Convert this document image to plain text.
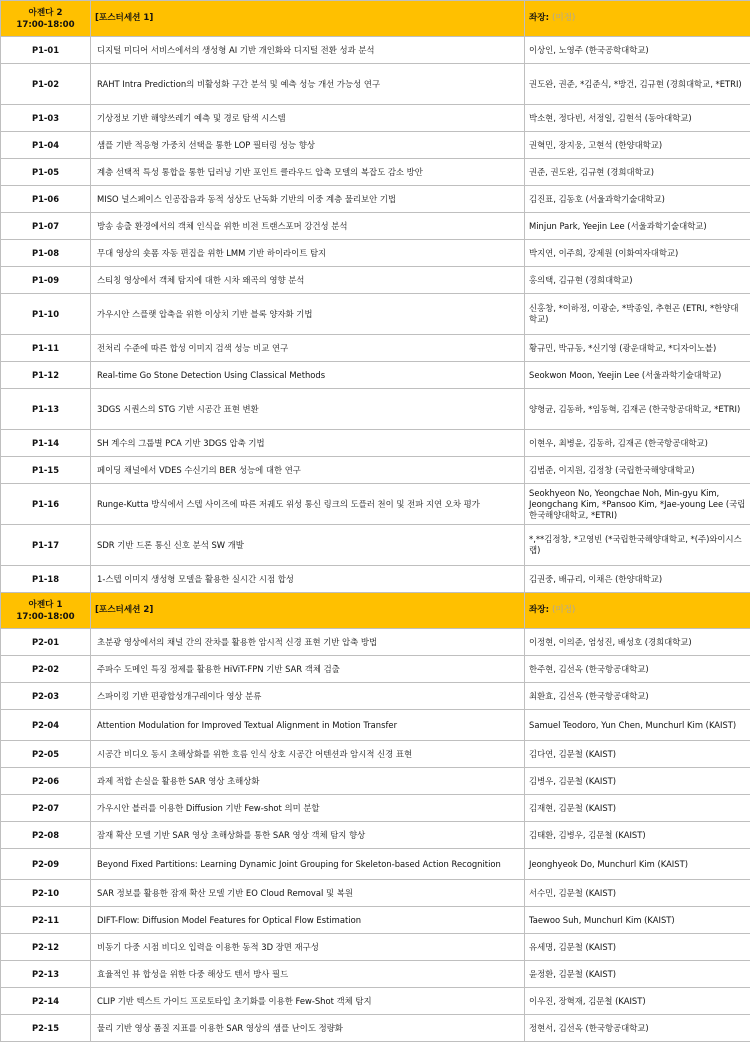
아젠다 2
17:00-18:00	[포스터세션 1]	좌장: (미정)
P1-01	디지털 미디어 서비스에서의 생성형 AI 기반 개인화와 디지털 전환 성과 분석	이상인, 노영주 (한국공학대학교)
P1-02	RAHT Intra Prediction의 비활성화 구간 분석 및 예측 성능 개선 가능성 연구	권도완, 권준, *김준식, *방건, 김규현 (경희대학교, *ETRI)
P1-03	기상정보 기반 해양쓰레기 예측 및 경로 탐색 시스템	박소현, 정다빈, 서정일, 김현석 (동아대학교)
P1-04	샘플 기반 적응형 가중치 선택을 통한 LOP 필터링 성능 향상	권혁민, 장지웅, 고현석 (한양대학교)
P1-05	계층 선택적 특성 통합을 통한 딥러닝 기반 포인트 클라우드 압축 모델의 복잡도 감소 방안	권준, 권도완, 김규현 (경희대학교)
P1-06	MISO 널스페이스 인공잡음과 동적 성상도 난독화 기반의 이중 계층 물리보안 기법	김진표, 김동호 (서울과학기술대학교)
P1-07	방송 송출 환경에서의 객체 인식을 위한 비전 트랜스포머 강건성 분석	Minjun Park, Yeejin Lee (서울과학기술대학교)
P1-08	무대 영상의 숏폼 자동 편집을 위한 LMM 기반 하이라이트 탐지	박지연, 이주희, 강제원 (이화여자대학교)
P1-09	스티칭 영상에서 객체 탐지에 대한 시차 왜곡의 영향 분석	홍의택, 김규현 (경희대학교)
P1-10	가우시안 스플랫 압축을 위한 이상치 기반 블록 양자화 기법	신홍창, *이하정, 이광순, *박종일, 추현곤 (ETRI, *한양대학교)
P1-11	전처리 수준에 따른 합성 이미지 검색 성능 비교 연구	황규민, 박규동, *신기영 (광운대학교, *디자이노블)
P1-12	Real-time Go Stone Detection Using Classical Methods	Seokwon Moon, Yeejin Lee (서울과학기술대학교)
P1-13	3DGS 시퀀스의 STG 기반 시공간 표현 변환	양형균, 김동하, *임동혁, 김재곤 (한국항공대학교, *ETRI)
P1-14	SH 계수의 그룹별 PCA 기반 3DGS 압축 기법	이현우, 최병윤, 김동하, 김재곤 (한국항공대학교)
P1-15	페이딩 채널에서 VDES 수신기의 BER 성능에 대한 연구	김범준, 이지원, 김정창 (국립한국해양대학교)
P1-16	Runge-Kutta 방식에서 스텝 사이즈에 따른 저궤도 위성 통신 링크의 도플러 천이 및 전파 지연 오차 평가	Seokhyeon No, Yeongchae Noh, Min-gyu Kim, Jeongchang Kim, *Pansoo Kim, *Jae-young Lee (국립한국해양대학교, *ETRI)
P1-17	SDR 기반 드론 통신 신호 분석 SW 개발	*,**김정창, *고영빈 (*국립한국해양대학교, *(주)와이시스랩)
P1-18	1-스텝 이미지 생성형 모델을 활용한 실시간 시점 합성	김권중, 배규리, 이채은 (한양대학교)
아젠다 1
17:00-18:00	[포스터세션 2]	좌장: (미정)
P2-01	초분광 영상에서의 채널 간의 잔차를 활용한 암시적 신경 표현 기반 압축 방법	이정현, 이의준, 엄성진, 배성호 (경희대학교)
P2-02	주파수 도메인 특징 정제를 활용한 HiViT-FPN 기반 SAR 객체 검출	한주현, 김선옥 (한국항공대학교)
P2-03	스파이킹 기반 편광합성개구레이다 영상 분류	최환효, 김선옥 (한국항공대학교)
P2-04	Attention Modulation for Improved Textual Alignment in Motion Transfer	Samuel Teodoro, Yun Chen, Munchurl Kim (KAIST)
P2-05	시공간 비디오 동시 초해상화를 위한 흐름 인식 상호 시공간 어텐션과 암시적 신경 표현	김다연, 김문철 (KAIST)
P2-06	과제 적합 손실을 활용한 SAR 영상 초해상화	김병우, 김문철 (KAIST)
P2-07	가우시안 블러를 이용한 Diffusion 기반 Few-shot 의미 분할	김재현, 김문철 (KAIST)
P2-08	잠재 확산 모델 기반 SAR 영상 초해상화를 통한 SAR 영상 객체 탐지 향상	김태환, 김병우, 김문철 (KAIST)
P2-09	Beyond Fixed Partitions: Learning Dynamic Joint Grouping for Skeleton-based Action Recognition	Jeonghyeok Do, Munchurl Kim (KAIST)
P2-10	SAR 정보를 활용한 잠재 확산 모델 기반 EO Cloud Removal 및 복원	서수민, 김문철 (KAIST)
P2-11	DIFT-Flow: Diffusion Model Features for Optical Flow Estimation	Taewoo Suh, Munchurl Kim (KAIST)
P2-12	비동기 다중 시점 비디오 입력을 이용한 동적 3D 장면 재구성	유세명, 김문철 (KAIST)
P2-13	효율적인 뷰 합성을 위한 다중 해상도 텐서 방사 필드	윤정환, 김문철 (KAIST)
P2-14	CLIP 기반 텍스트 가이드 프로토타입 초기화를 이용한 Few-Shot 객체 탐지	이우진, 장혁재, 김문철 (KAIST)
P2-15	물리 기반 영상 품질 지표를 이용한 SAR 영상의 샘플 난이도 정량화	정현서, 김선옥 (한국항공대학교)
